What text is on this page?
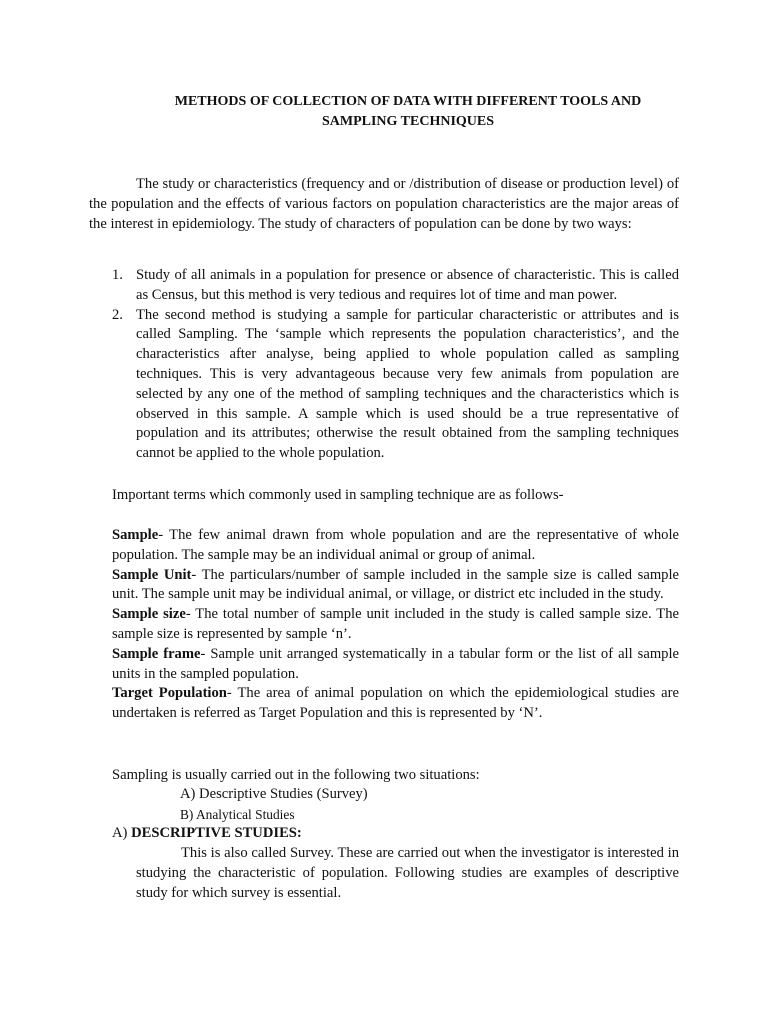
METHODS OF COLLECTION OF DATA WITH DIFFERENT TOOLS AND
SAMPLING TECHNIQUES
The study or characteristics (frequency and or /distribution of disease or production level) of the population and the effects of various factors on population characteristics are the major areas of the interest in epidemiology. The study of characters of population can be done by two ways:
1. Study of all animals in a population for presence or absence of characteristic. This is called as Census, but this method is very tedious and requires lot of time and man power.
2. The second method is studying a sample for particular characteristic or attributes and is called Sampling. The ‘sample which represents the population characteristics’, and the characteristics after analyse, being applied to whole population called as sampling techniques. This is very advantageous because very few animals from population are selected by any one of the method of sampling techniques and the characteristics which is observed in this sample. A sample which is used should be a true representative of population and its attributes; otherwise the result obtained from the sampling techniques cannot be applied to the whole population.
Important terms which commonly used in sampling technique are as follows-

Sample- The few animal drawn from whole population and are the representative of whole population. The sample may be an individual animal or group of animal.

Sample Unit- The particulars/number of sample included in the sample size is called sample unit. The sample unit may be individual animal, or village, or district etc included in the study.

Sample size- The total number of sample unit included in the study is called sample size. The sample size is represented by sample ‘n’.

Sample frame- Sample unit arranged systematically in a tabular form or the list of all sample units in the sampled population.

Target Population- The area of animal population on which the epidemiological studies are undertaken is referred as Target Population and this is represented by ‘N’.

Sampling is usually carried out in the following two situations:
A) Descriptive Studies (Survey)
B) Analytical Studies
A) DESCRIPTIVE STUDIES:
This is also called Survey. These are carried out when the investigator is interested in studying the characteristic of population. Following studies are examples of descriptive study for which survey is essential.
